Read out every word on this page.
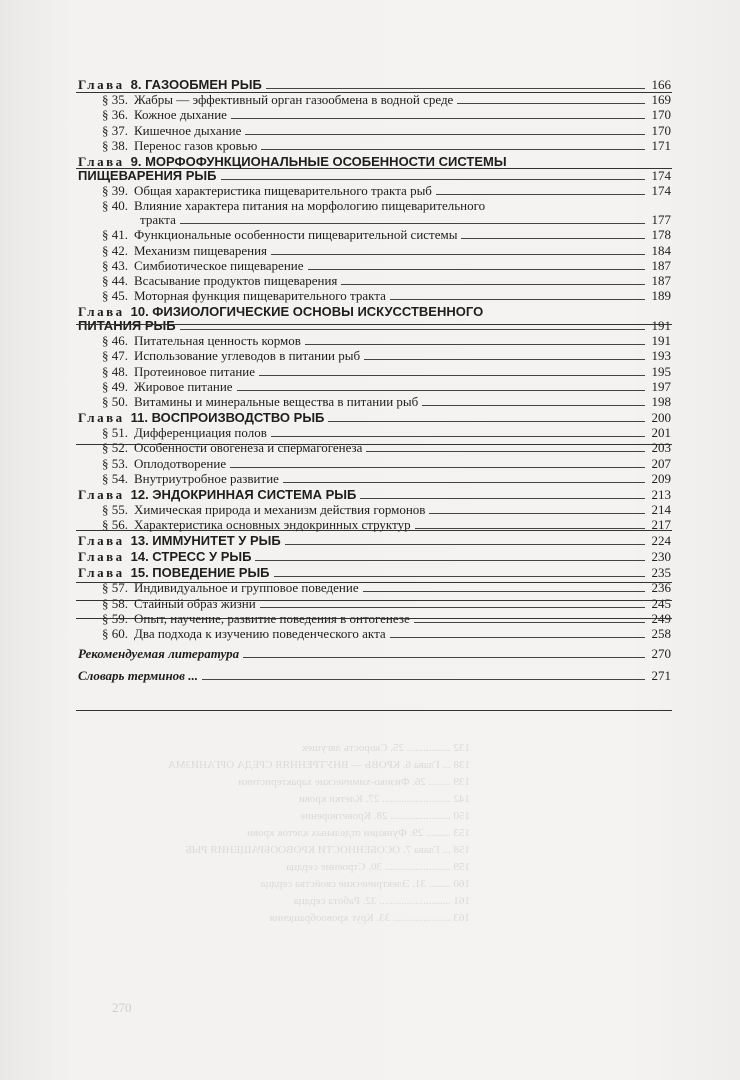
132 ................ 25. Скорость лягушек
138 ... Глава 6. КРОВЬ — ВНУТРЕННЯЯ СРЕДА ОРГАНИЗМА
139 ........ 26. Физико-химические характеристики
142 ......................... 27. Клетки крови
150 ...................... 28. Кроветворение
153 ......... 29. Функции отдельных клеток крови
158 ... Глава 7. ОСОБЕННОСТИ КРОВООБРАЩЕНИЯ РЫБ
159 ........................ 30. Строение сердца
160 ........ 31. Электрические свойства сердца
161 .......................... 32. Работа сердца
163 ..................... 33. Круг кровообращения
Глава 8. ГАЗООБМЕН РЫБ	166
§ 35. Жабры — эффективный орган газообмена в водной среде	169
§ 36. Кожное дыхание	170
§ 37. Кишечное дыхание	170
§ 38. Перенос газов кровью	171
Глава 9. МОРФОФУНКЦИОНАЛЬНЫЕ ОСОБЕННОСТИ СИСТЕМЫ
ПИЩЕВАРЕНИЯ РЫБ	174
§ 39. Общая характеристика пищеварительного тракта рыб	174
§ 40. Влияние характера питания на морфологию пищеварительного
тракта	177
§ 41. Функциональные особенности пищеварительной системы	178
§ 42. Механизм пищеварения	184
§ 43. Симбиотическое пищеварение	187
§ 44. Всасывание продуктов пищеварения	187
§ 45. Моторная функция пищеварительного тракта	189
Глава 10. ФИЗИОЛОГИЧЕСКИЕ ОСНОВЫ ИСКУССТВЕННОГО
ПИТАНИЯ РЫБ	191
§ 46. Питательная ценность кормов	191
§ 47. Использование углеводов в питании рыб	193
§ 48. Протеиновое питание	195
§ 49. Жировое питание	197
§ 50. Витамины и минеральные вещества в питании рыб	198
Глава 11. ВОСПРОИЗВОДСТВО РЫБ	200
§ 51. Дифференциация полов	201
§ 52. Особенности овогенеза и спермагогенеза	203
§ 53. Оплодотворение	207
§ 54. Внутриутробное развитие	209
Глава 12. ЭНДОКРИННАЯ СИСТЕМА РЫБ	213
§ 55. Химическая природа и механизм действия гормонов	214
§ 56. Характеристика основных эндокринных структур	217
Глава 13. ИММУНИТЕТ У РЫБ	224
Глава 14. СТРЕСС У РЫБ	230
Глава 15. ПОВЕДЕНИЕ РЫБ	235
§ 57. Индивидуальное и групповое поведение	236
§ 58. Стайный образ жизни	245
§ 59. Опыт, научение, развитие поведения в онтогенезе	249
§ 60. Два подхода к изучению поведенческого акта	258
Рекомендуемая литература	270
Словарь терминов ...	271
270
